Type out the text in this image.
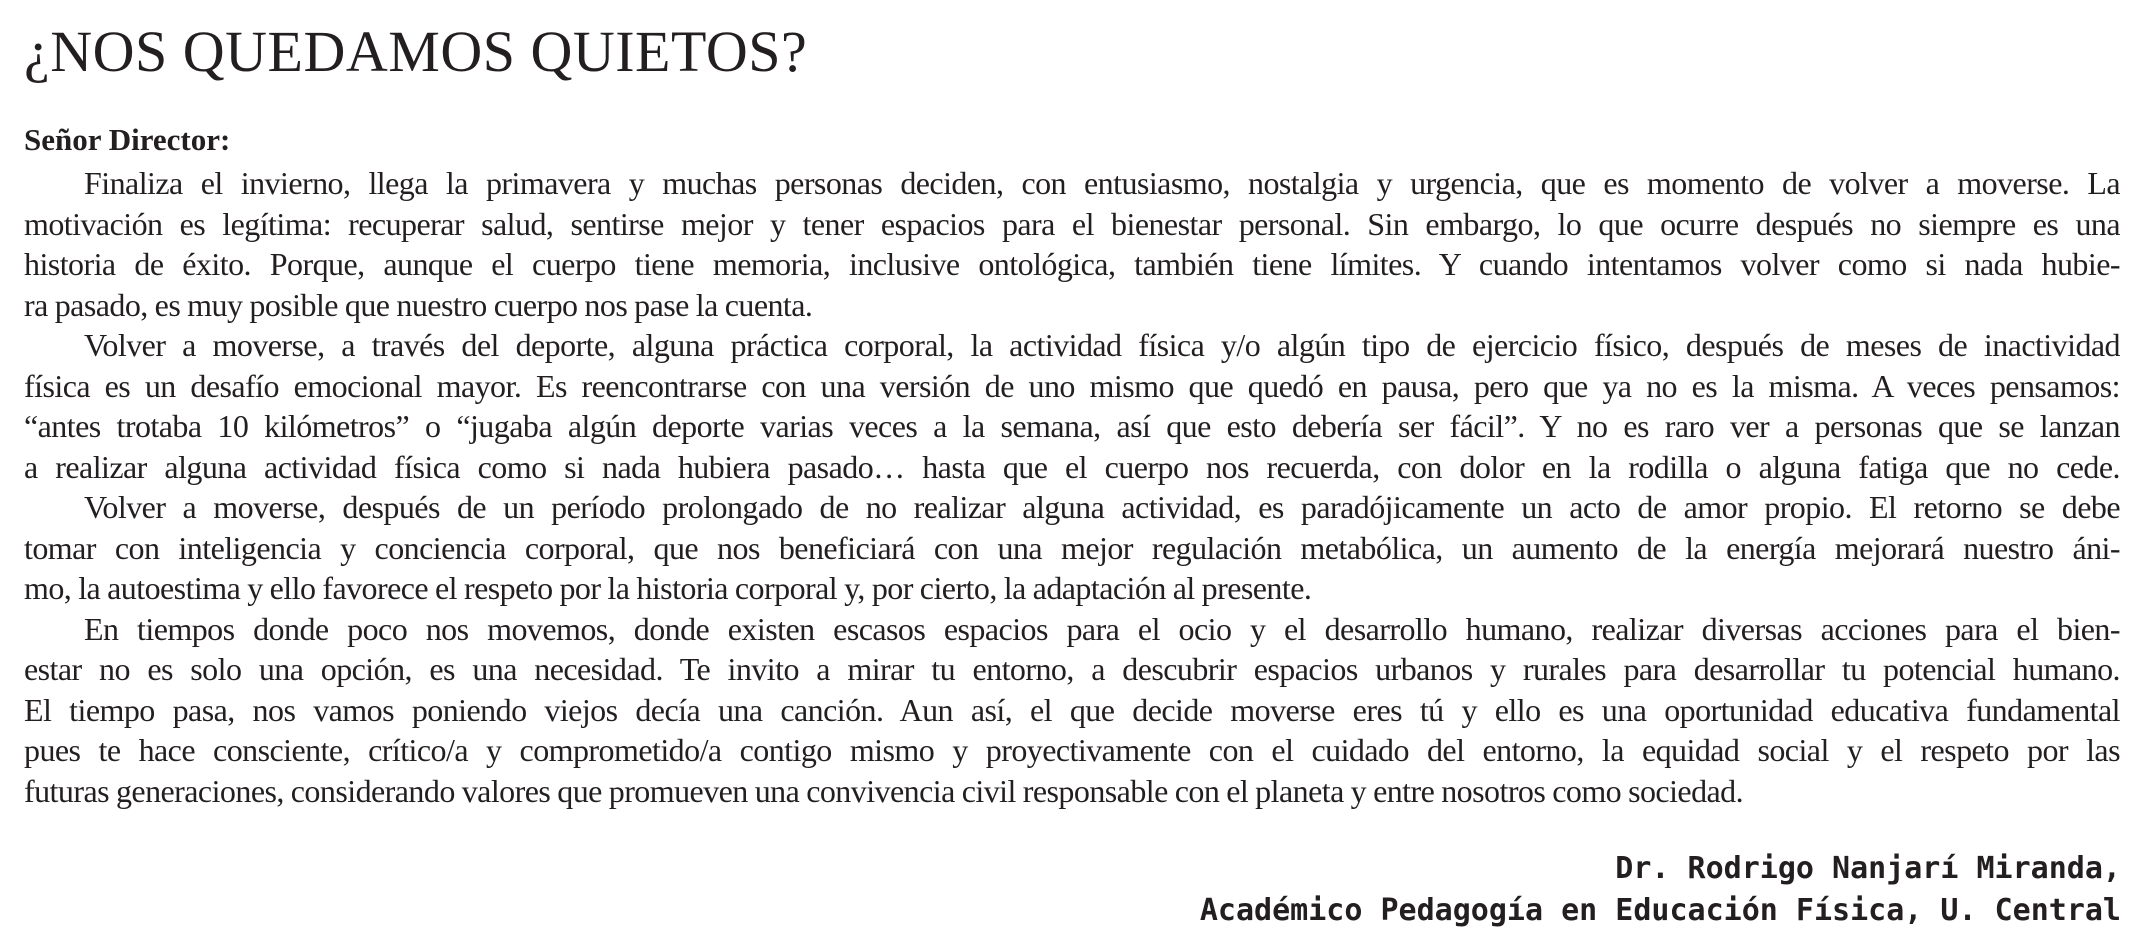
¿NOS QUEDAMOS QUIETOS?

Señor Director:

Finaliza el invierno, llega la primavera y muchas personas deciden, con entusiasmo, nostalgia y urgencia, que es momento de volver a moverse. La
motivación es legítima: recuperar salud, sentirse mejor y tener espacios para el bienestar personal. Sin embargo, lo que ocurre después no siempre es una
historia de éxito. Porque, aunque el cuerpo tiene memoria, inclusive ontológica, también tiene límites. Y cuando intentamos volver como si nada hubie-
ra pasado, es muy posible que nuestro cuerpo nos pase la cuenta.
Volver a moverse, a través del deporte, alguna práctica corporal, la actividad física y/o algún tipo de ejercicio físico, después de meses de inactividad
física es un desafío emocional mayor. Es reencontrarse con una versión de uno mismo que quedó en pausa, pero que ya no es la misma. A veces pensamos:
“antes trotaba 10 kilómetros” o “jugaba algún deporte varias veces a la semana, así que esto debería ser fácil”. Y no es raro ver a personas que se lanzan
a realizar alguna actividad física como si nada hubiera pasado… hasta que el cuerpo nos recuerda, con dolor en la rodilla o alguna fatiga que no cede.
Volver a moverse, después de un período prolongado de no realizar alguna actividad, es paradójicamente un acto de amor propio. El retorno se debe
tomar con inteligencia y conciencia corporal, que nos beneficiará con una mejor regulación metabólica, un aumento de la energía mejorará nuestro áni-
mo, la autoestima y ello favorece el respeto por la historia corporal y, por cierto, la adaptación al presente.
En tiempos donde poco nos movemos, donde existen escasos espacios para el ocio y el desarrollo humano, realizar diversas acciones para el bien-
estar no es solo una opción, es una necesidad. Te invito a mirar tu entorno, a descubrir espacios urbanos y rurales para desarrollar tu potencial humano.
El tiempo pasa, nos vamos poniendo viejos decía una canción. Aun así, el que decide moverse eres tú y ello es una oportunidad educativa fundamental
pues te hace consciente, crítico/a y comprometido/a contigo mismo y proyectivamente con el cuidado del entorno, la equidad social y el respeto por las
futuras generaciones, considerando valores que promueven una convivencia civil responsable con el planeta y entre nosotros como sociedad.
Dr. Rodrigo Nanjarí Miranda,
Académico Pedagogía en Educación Física, U. Central
